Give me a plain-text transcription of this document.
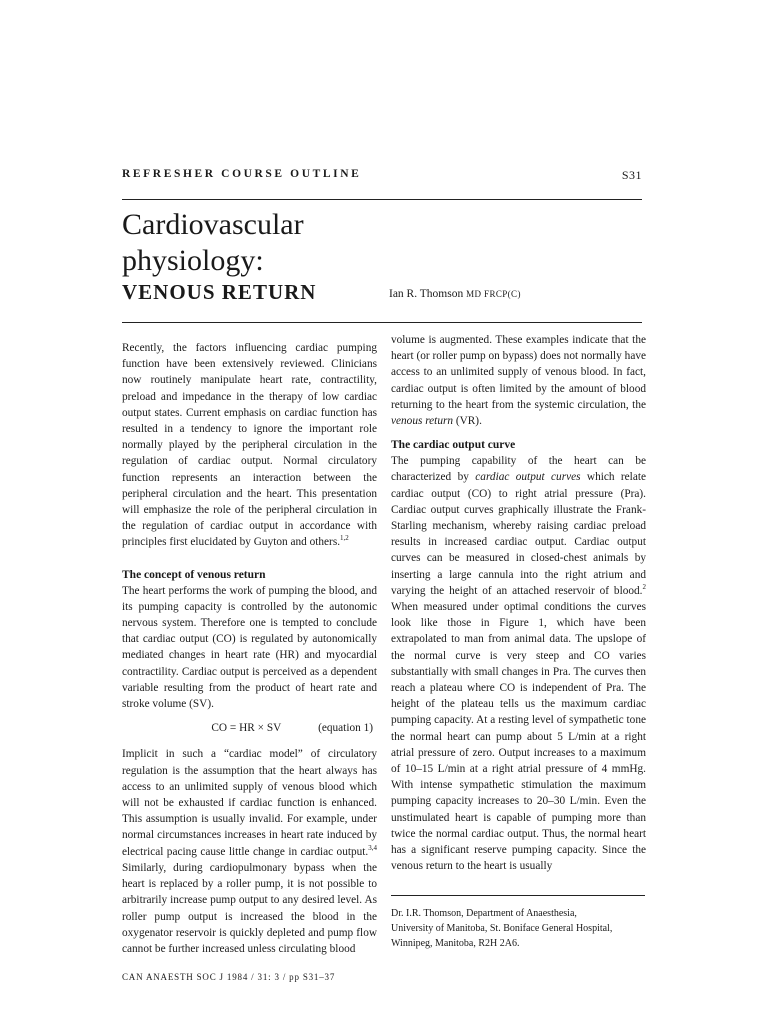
REFRESHER COURSE OUTLINE	S31
Cardiovascular
physiology:
VENOUS RETURN	Ian R. Thomson MD FRCP(C)

Recently, the factors influencing cardiac pumping function have been extensively reviewed. Clinicians now routinely manipulate heart rate, contractility, preload and impedance in the therapy of low cardiac output states. Current emphasis on cardiac function has resulted in a tendency to ignore the important role normally played by the peripheral circulation in the regulation of cardiac output. Normal circulatory function represents an interaction between the peripheral circulation and the heart. This presentation will emphasize the role of the peripheral circulation in the regulation of cardiac output in accordance with principles first elucidated by Guyton and others.$^{1,2}$

The concept of venous return

The heart performs the work of pumping the blood, and its pumping capacity is controlled by the autonomic nervous system. Therefore one is tempted to conclude that cardiac output (CO) is regulated by autonomically mediated changes in heart rate (HR) and myocardial contractility. Cardiac output is perceived as a dependent variable resulting from the product of heart rate and stroke volume (SV).

CO = HR × SV	(equation 1)

Implicit in such a “cardiac model” of circulatory regulation is the assumption that the heart always has access to an unlimited supply of venous blood which will not be exhausted if cardiac function is enhanced. This assumption is usually invalid. For example, under normal circumstances increases in heart rate induced by electrical pacing cause little change in cardiac output.$^{3,4}$ Similarly, during cardiopulmonary bypass when the heart is replaced by a roller pump, it is not possible to arbitrarily increase pump output to any desired level. As roller pump output is increased the blood in the oxygenator reservoir is quickly depleted and pump flow cannot be further increased unless circulating blood

volume is augmented. These examples indicate that the heart (or roller pump on bypass) does not normally have access to an unlimited supply of venous blood. In fact, cardiac output is often limited by the amount of blood returning to the heart from the systemic circulation, the venous return (VR).

The cardiac output curve

The pumping capability of the heart can be characterized by cardiac output curves which relate cardiac output (CO) to right atrial pressure (Pra). Cardiac output curves graphically illustrate the Frank-Starling mechanism, whereby raising cardiac preload results in increased cardiac output. Cardiac output curves can be measured in closed-chest animals by inserting a large cannula into the right atrium and varying the height of an attached reservoir of blood.$^2$ When measured under optimal conditions the curves look like those in Figure 1, which have been extrapolated to man from animal data. The upslope of the normal curve is very steep and CO varies substantially with small changes in Pra. The curves then reach a plateau where CO is independent of Pra. The height of the plateau tells us the maximum cardiac pumping capacity. At a resting level of sympathetic tone the normal heart can pump about 5 L/min at a right atrial pressure of zero. Output increases to a maximum of 10–15 L/min at a right atrial pressure of 4 mmHg. With intense sympathetic stimulation the maximum pumping capacity increases to 20–30 L/min. Even the unstimulated heart is capable of pumping more than twice the normal cardiac output. Thus, the normal heart has a significant reserve pumping capacity. Since the venous return to the heart is usually

Dr. I.R. Thomson, Department of Anaesthesia,
University of Manitoba, St. Boniface General Hospital,
Winnipeg, Manitoba, R2H 2A6.
CAN ANAESTH SOC J 1984 / 31: 3 / pp S31–37
